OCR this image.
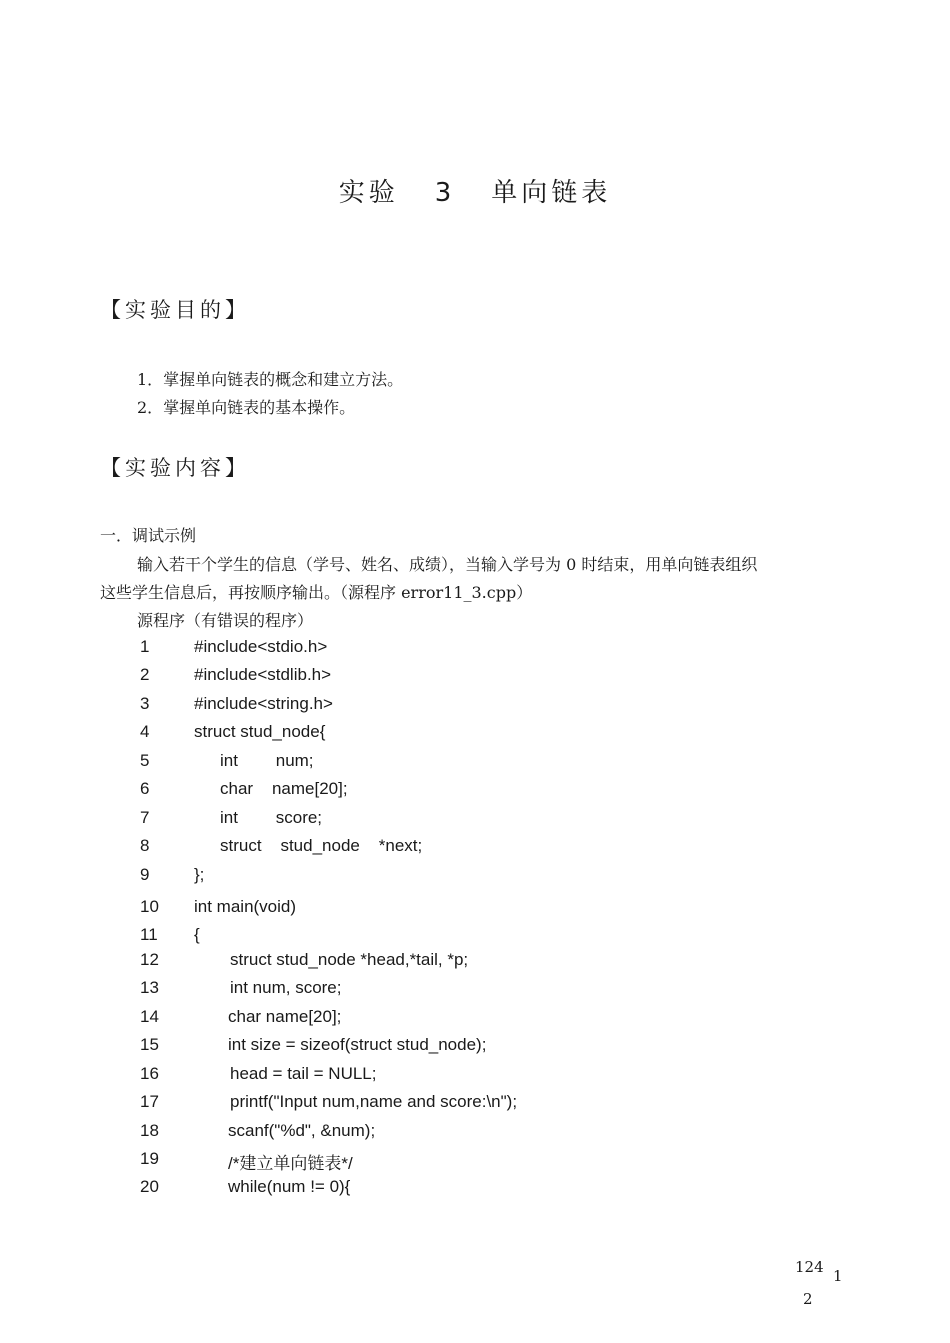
实验 3 单向链表
【实验目的】
1．掌握单向链表的概念和建立方法。
2．掌握单向链表的基本操作。
【实验内容】
一．调试示例
输入若干个学生的信息（学号、姓名、成绩），当输入学号为 0 时结束，用单向链表组织
这些学生信息后，再按顺序输出。（源程序 error11_3.cpp）
源程序（有错误的程序）
1	#include<stdio.h>
2	#include<stdlib.h>
3	#include<string.h>
4	struct stud_node{
5	int        num;
6	char    name[20];
7	int        score;
8	struct    stud_node    *next;
9	};
10	int main(void)
11	{
12	struct stud_node *head,*tail, *p;
13	int num, score;
14	char name[20];
15	int size = sizeof(struct stud_node);
16	head = tail = NULL;
17	printf("Input num,name and score:\n");
18	scanf("%d", &num);
19	/*建立单向链表*/
20	while(num != 0){
124 1
2
